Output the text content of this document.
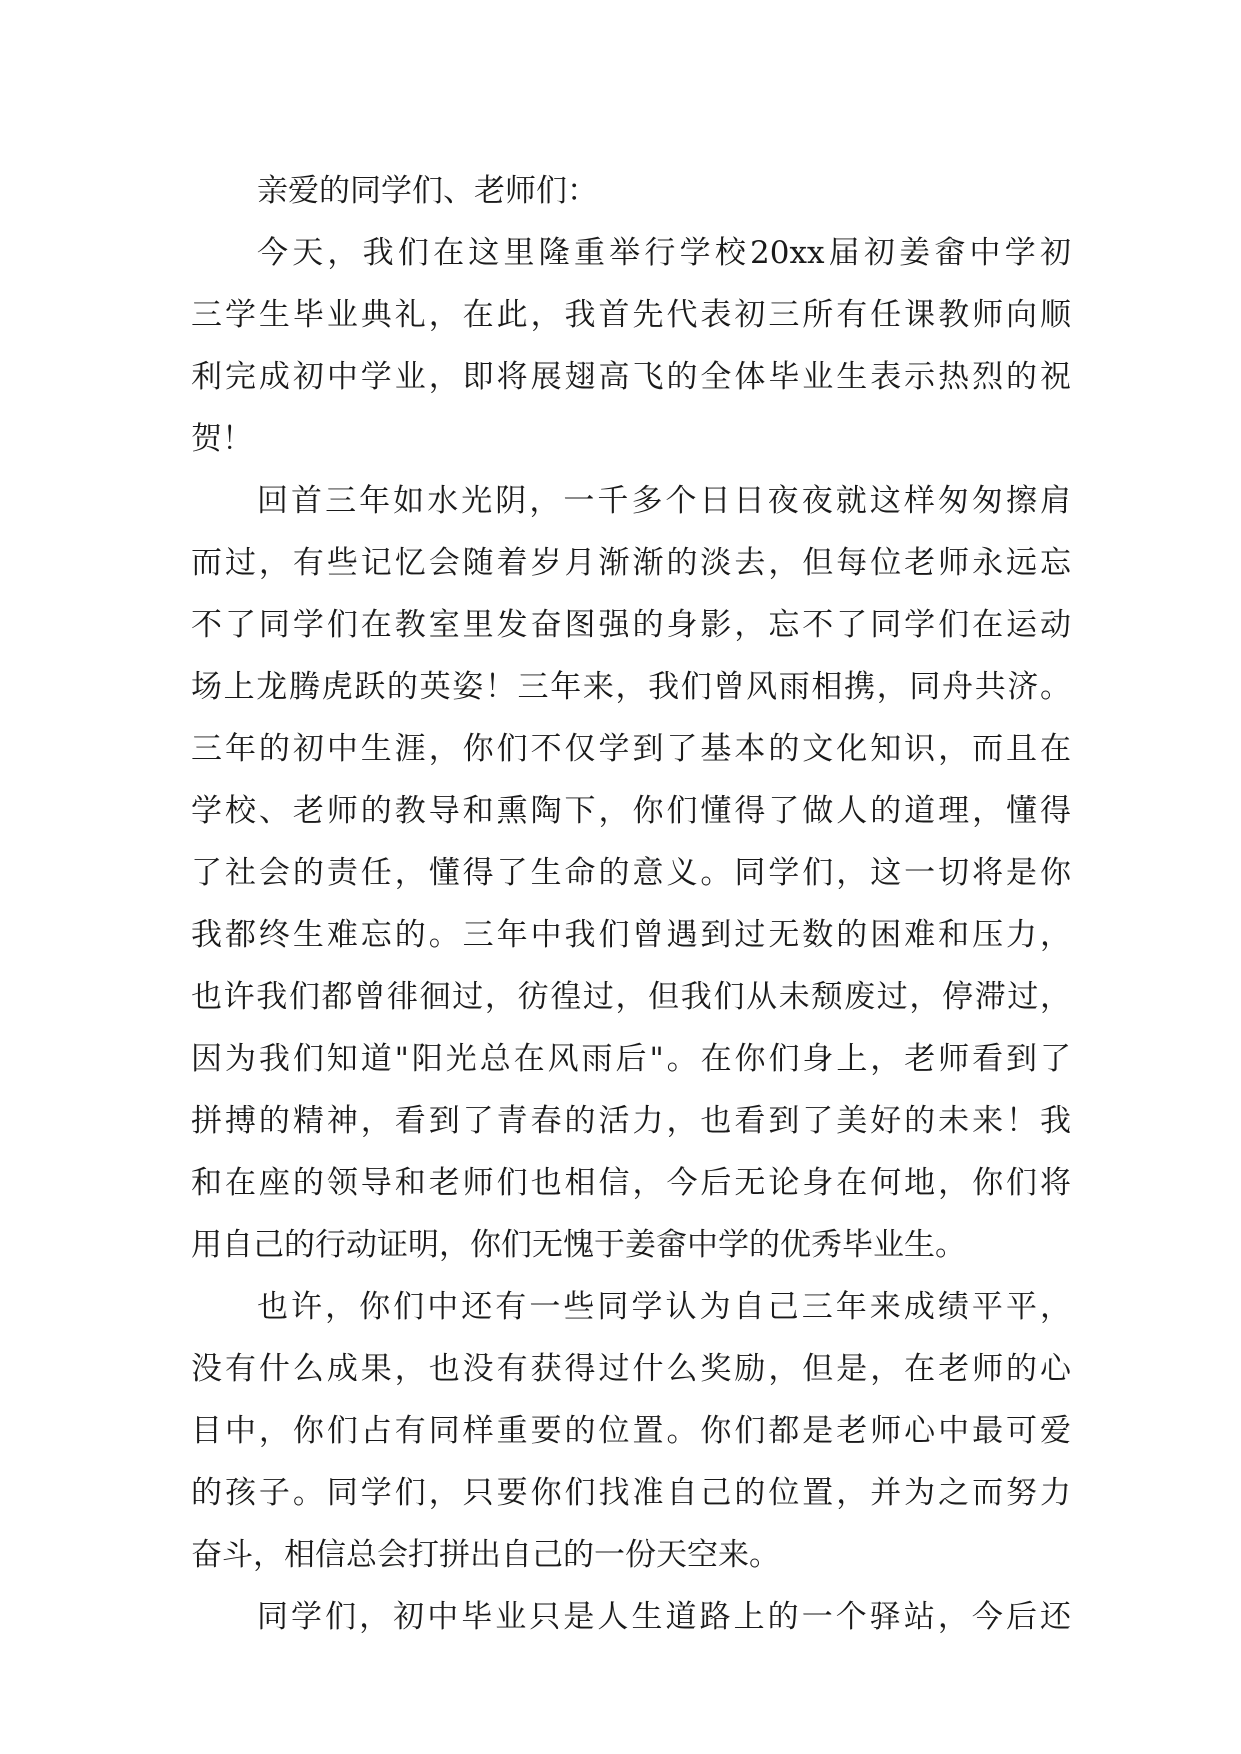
亲爱的同学们、老师们：
今天，我们在这里隆重举行学校20xx届初姜畲中学初
三学生毕业典礼，在此，我首先代表初三所有任课教师向顺
利完成初中学业，即将展翅高飞的全体毕业生表示热烈的祝
贺！
回首三年如水光阴，一千多个日日夜夜就这样匆匆擦肩
而过，有些记忆会随着岁月渐渐的淡去，但每位老师永远忘
不了同学们在教室里发奋图强的身影，忘不了同学们在运动
场上龙腾虎跃的英姿！三年来，我们曾风雨相携，同舟共济。
三年的初中生涯，你们不仅学到了基本的文化知识，而且在
学校、老师的教导和熏陶下，你们懂得了做人的道理，懂得
了社会的责任，懂得了生命的意义。同学们，这一切将是你
我都终生难忘的。三年中我们曾遇到过无数的困难和压力，
也许我们都曾徘徊过，彷徨过，但我们从未颓废过，停滞过，
因为我们知道"阳光总在风雨后"。在你们身上，老师看到了
拼搏的精神，看到了青春的活力，也看到了美好的未来！我
和在座的领导和老师们也相信，今后无论身在何地，你们将
用自己的行动证明，你们无愧于姜畲中学的优秀毕业生。
也许，你们中还有一些同学认为自己三年来成绩平平，
没有什么成果，也没有获得过什么奖励，但是，在老师的心
目中，你们占有同样重要的位置。你们都是老师心中最可爱
的孩子。同学们，只要你们找准自己的位置，并为之而努力
奋斗，相信总会打拼出自己的一份天空来。
同学们，初中毕业只是人生道路上的一个驿站，今后还
